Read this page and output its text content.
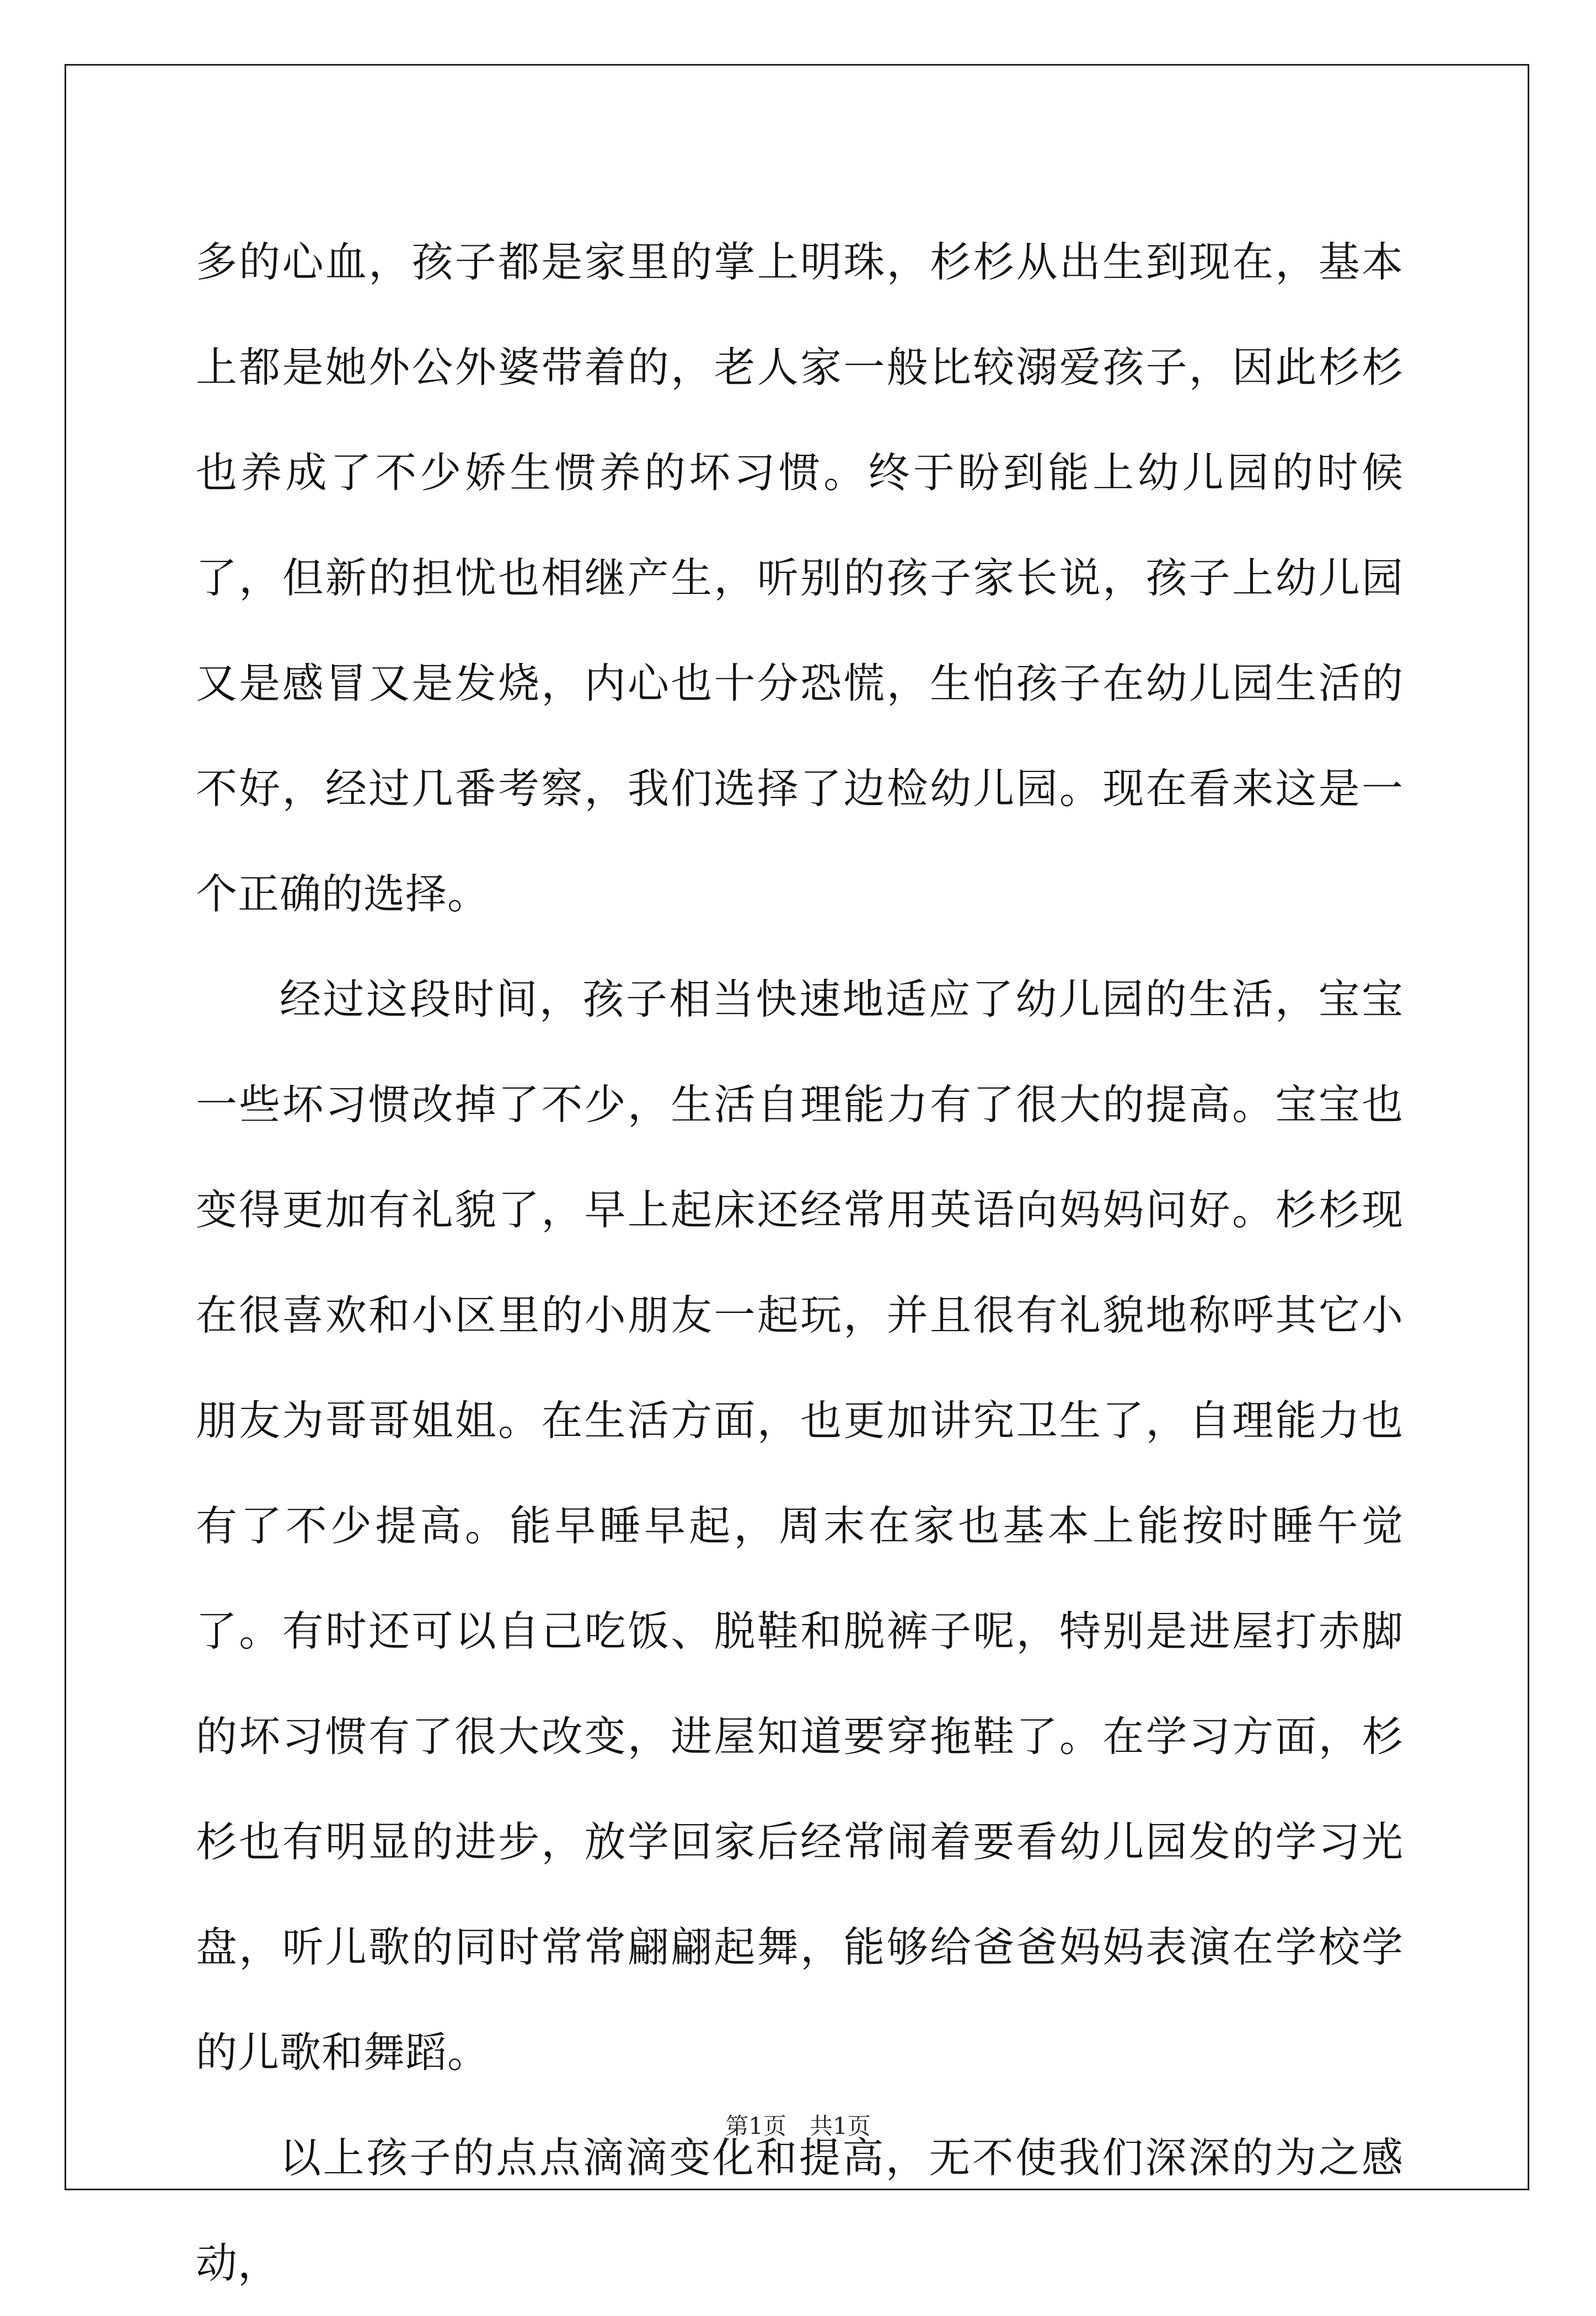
多的心血，孩子都是家里的掌上明珠，杉杉从出生到现在，基本上都是她外公外婆带着的，老人家一般比较溺爱孩子，因此杉杉也养成了不少娇生惯养的坏习惯。终于盼到能上幼儿园的时候了，但新的担忧也相继产生，听别的孩子家长说，孩子上幼儿园又是感冒又是发烧，内心也十分恐慌，生怕孩子在幼儿园生活的不好，经过几番考察，我们选择了边检幼儿园。现在看来这是一个正确的选择。

经过这段时间，孩子相当快速地适应了幼儿园的生活，宝宝一些坏习惯改掉了不少，生活自理能力有了很大的提高。宝宝也变得更加有礼貌了，早上起床还经常用英语向妈妈问好。杉杉现在很喜欢和小区里的小朋友一起玩，并且很有礼貌地称呼其它小朋友为哥哥姐姐。在生活方面，也更加讲究卫生了，自理能力也有了不少提高。能早睡早起，周末在家也基本上能按时睡午觉了。有时还可以自己吃饭、脱鞋和脱裤子呢，特别是进屋打赤脚的坏习惯有了很大改变，进屋知道要穿拖鞋了。在学习方面，杉杉也有明显的进步，放学回家后经常闹着要看幼儿园发的学习光盘，听儿歌的同时常常翩翩起舞，能够给爸爸妈妈表演在学校学的儿歌和舞蹈。

以上孩子的点点滴滴变化和提高，无不使我们深深的为之感动，

第1页 共1页
